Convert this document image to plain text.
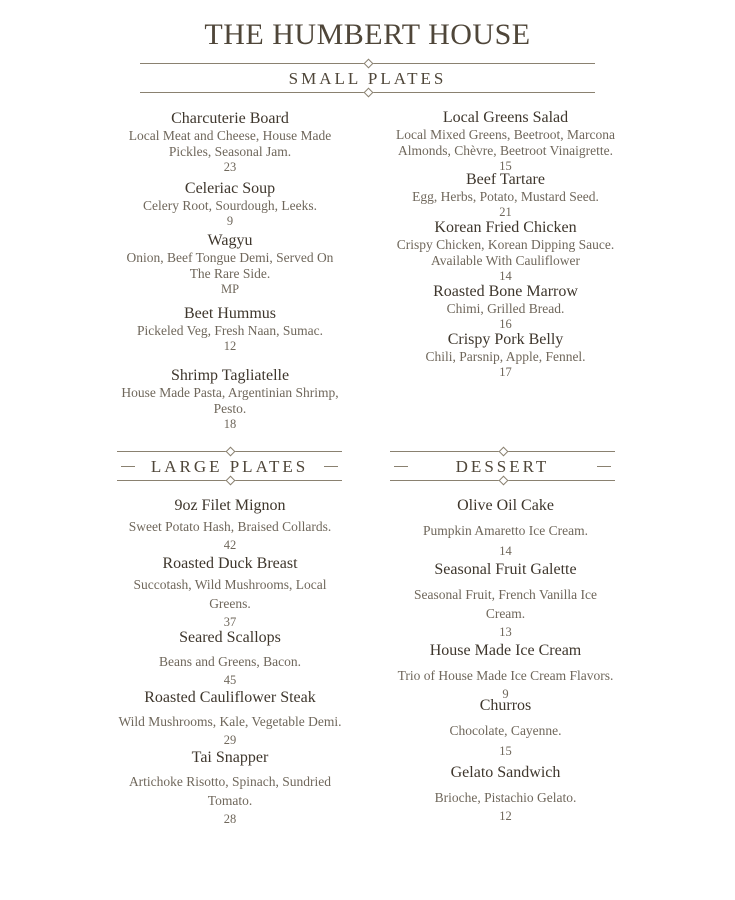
THE HUMBERT HOUSE
SMALL PLATES
Charcuterie Board
Local Meat and Cheese, House Made Pickles, Seasonal Jam.
23
Celeriac Soup
Celery Root, Sourdough, Leeks.
9
Wagyu
Onion, Beef Tongue Demi, Served On The Rare Side.
MP
Beet Hummus
Pickeled Veg, Fresh Naan, Sumac.
12
Shrimp Tagliatelle
House Made Pasta, Argentinian Shrimp, Pesto.
18
Local Greens Salad
Local Mixed Greens, Beetroot, Marcona Almonds, Chèvre, Beetroot Vinaigrette.
15
Beef Tartare
Egg, Herbs, Potato, Mustard Seed.
21
Korean Fried Chicken
Crispy Chicken, Korean Dipping Sauce. Available With Cauliflower
14
Roasted Bone Marrow
Chimi, Grilled Bread.
16
Crispy Pork Belly
Chili, Parsnip, Apple, Fennel.
17
LARGE PLATES	DESSERT
9oz Filet Mignon
Sweet Potato Hash, Braised Collards.
42
Roasted Duck Breast
Succotash, Wild Mushrooms, Local Greens.
37
Seared Scallops
Beans and Greens, Bacon.
45
Roasted Cauliflower Steak
Wild Mushrooms, Kale, Vegetable Demi.
29
Tai Snapper
Artichoke Risotto, Spinach, Sundried Tomato.
28
Olive Oil Cake
Pumpkin Amaretto Ice Cream.
14
Seasonal Fruit Galette
Seasonal Fruit, French Vanilla Ice Cream.
13
House Made Ice Cream
Trio of House Made Ice Cream Flavors.
9
Churros
Chocolate, Cayenne.
15
Gelato Sandwich
Brioche, Pistachio Gelato.
12
